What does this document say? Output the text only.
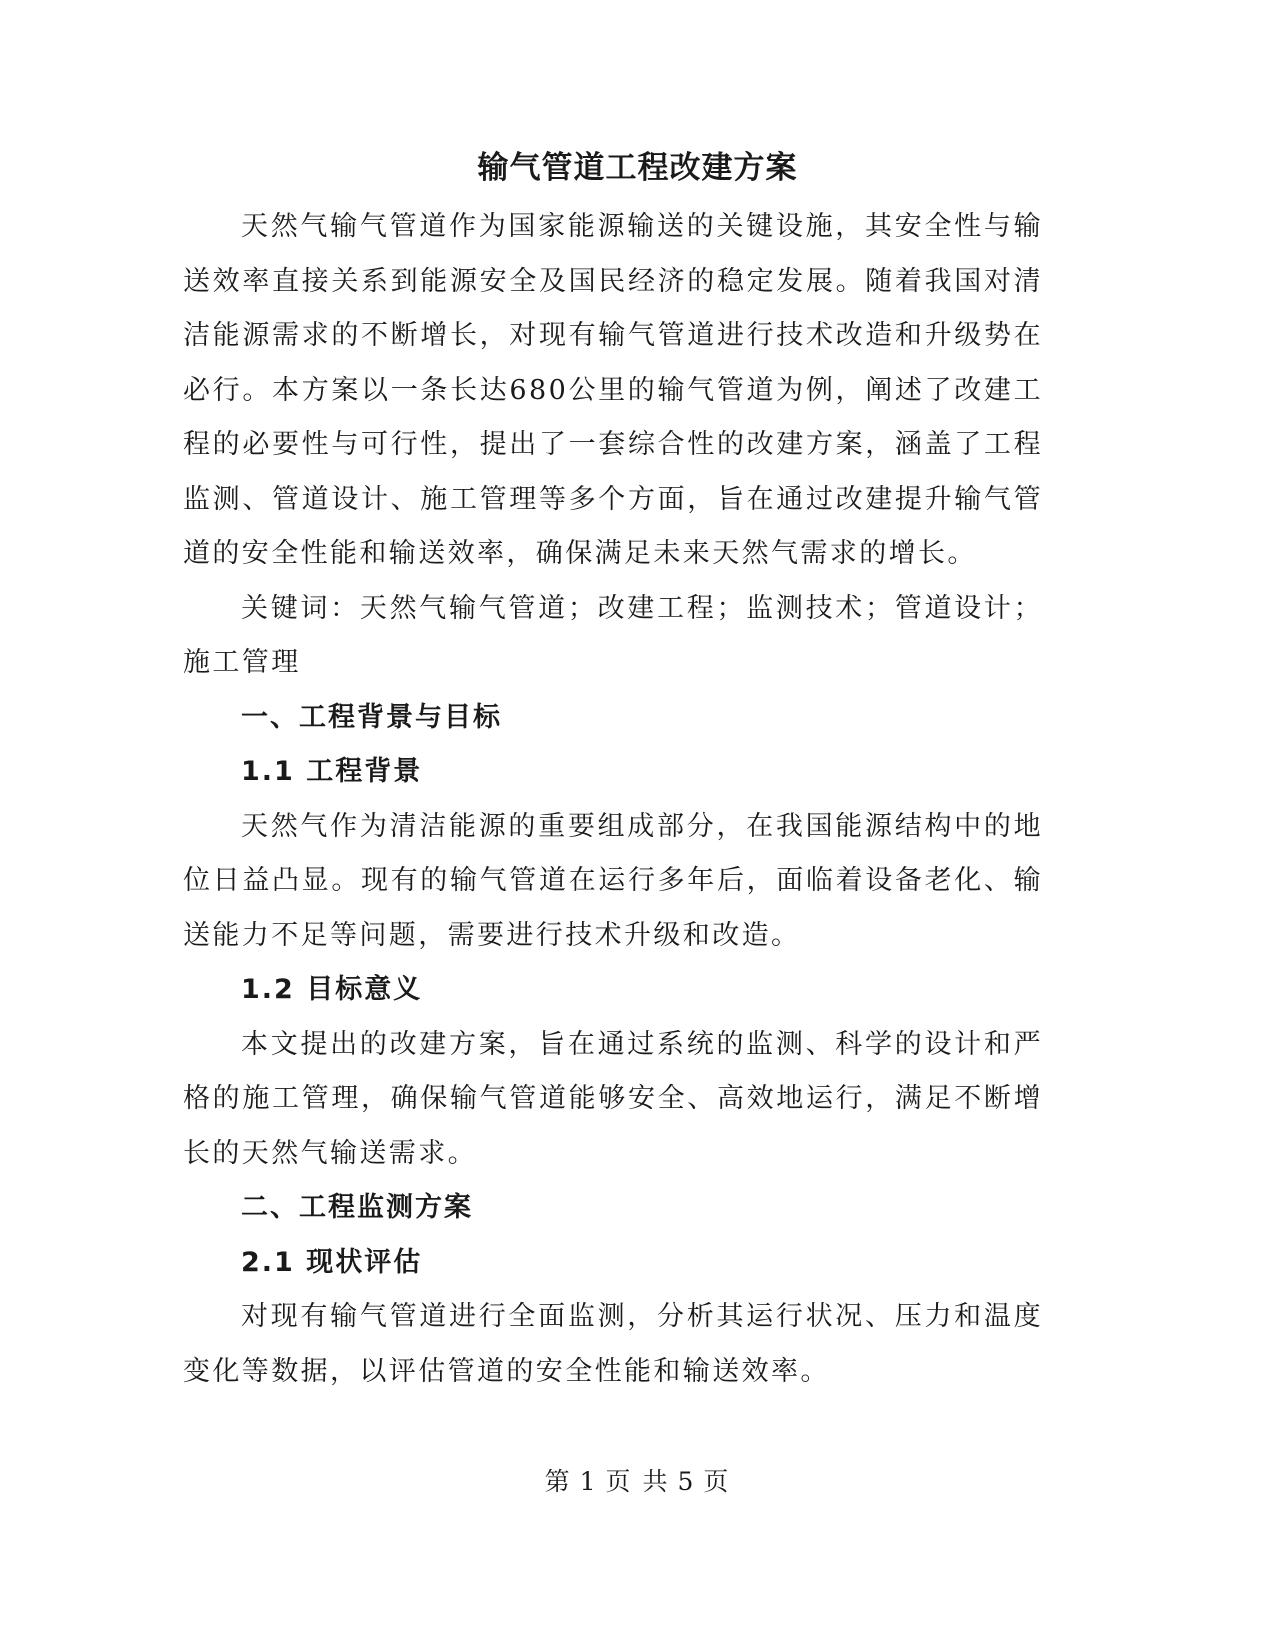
输气管道工程改建方案

天然气输气管道作为国家能源输送的关键设施，其安全性与输送效率直接关系到能源安全及国民经济的稳定发展。随着我国对清洁能源需求的不断增长，对现有输气管道进行技术改造和升级势在必行。本方案以一条长达680公里的输气管道为例，阐述了改建工程的必要性与可行性，提出了一套综合性的改建方案，涵盖了工程监测、管道设计、施工管理等多个方面，旨在通过改建提升输气管道的安全性能和输送效率，确保满足未来天然气需求的增长。

关键词：天然气输气管道；改建工程；监测技术；管道设计；施工管理

一、工程背景与目标

1.1 工程背景

天然气作为清洁能源的重要组成部分，在我国能源结构中的地位日益凸显。现有的输气管道在运行多年后，面临着设备老化、输送能力不足等问题，需要进行技术升级和改造。

1.2 目标意义

本文提出的改建方案，旨在通过系统的监测、科学的设计和严格的施工管理，确保输气管道能够安全、高效地运行，满足不断增长的天然气输送需求。

二、工程监测方案

2.1 现状评估

对现有输气管道进行全面监测，分析其运行状况、压力和温度变化等数据，以评估管道的安全性能和输送效率。

第 1 页 共 5 页
